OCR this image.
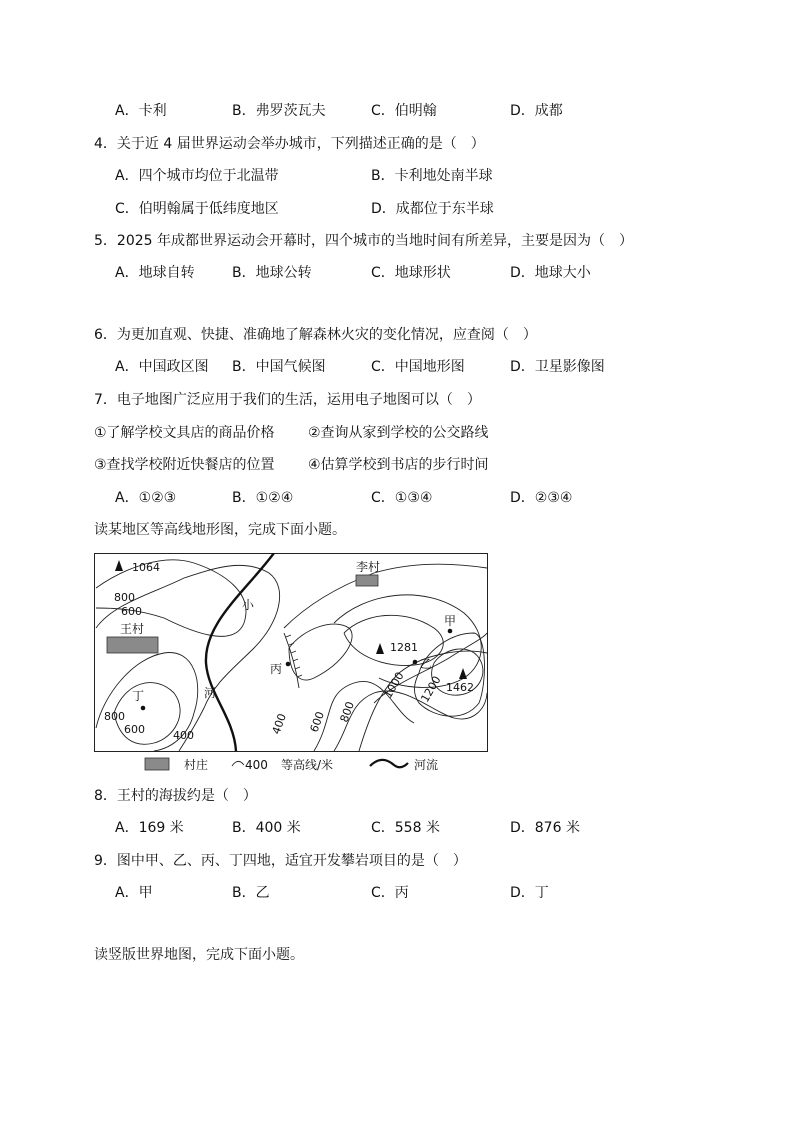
A．卡利	B．弗罗茨瓦夫	C．伯明翰	D．成都
4．关于近 4 届世界运动会举办城市，下列描述正确的是（　）
A．四个城市均位于北温带	B．卡利地处南半球
C．伯明翰属于低纬度地区	D．成都位于东半球
5．2025 年成都世界运动会开幕时，四个城市的当地时间有所差异，主要是因为（　）
A．地球自转	B．地球公转	C．地球形状	D．地球大小
6．为更加直观、快捷、准确地了解森林火灾的变化情况，应查阅（　）
A．中国政区图 B．中国气候图	C．中国地形图	D．卫星影像图
7．电子地图广泛应用于我们的生活，运用电子地图可以（　）
①了解学校文具店的商品价格 ②查询从家到学校的公交路线
③查找学校附近快餐店的位置 ④估算学校到书店的步行时间
A．①②③	B．①②④	C．①③④	D．②③④
读某地区等高线地形图，完成下面小题。
小
河
1064
1281
1462
800
600
600
800
400	400 600 800
1000 1200
李村
王村
甲
乙
丙
丁
村庄	400 等高线/米	河流
8．王村的海拔约是（　）
A．169 米	B．400 米	C．558 米	D．876 米
9．图中甲、乙、丙、丁四地，适宜开发攀岩项目的是（　）
A．甲	B．乙	C．丙	D．丁
读竖版世界地图，完成下面小题。
